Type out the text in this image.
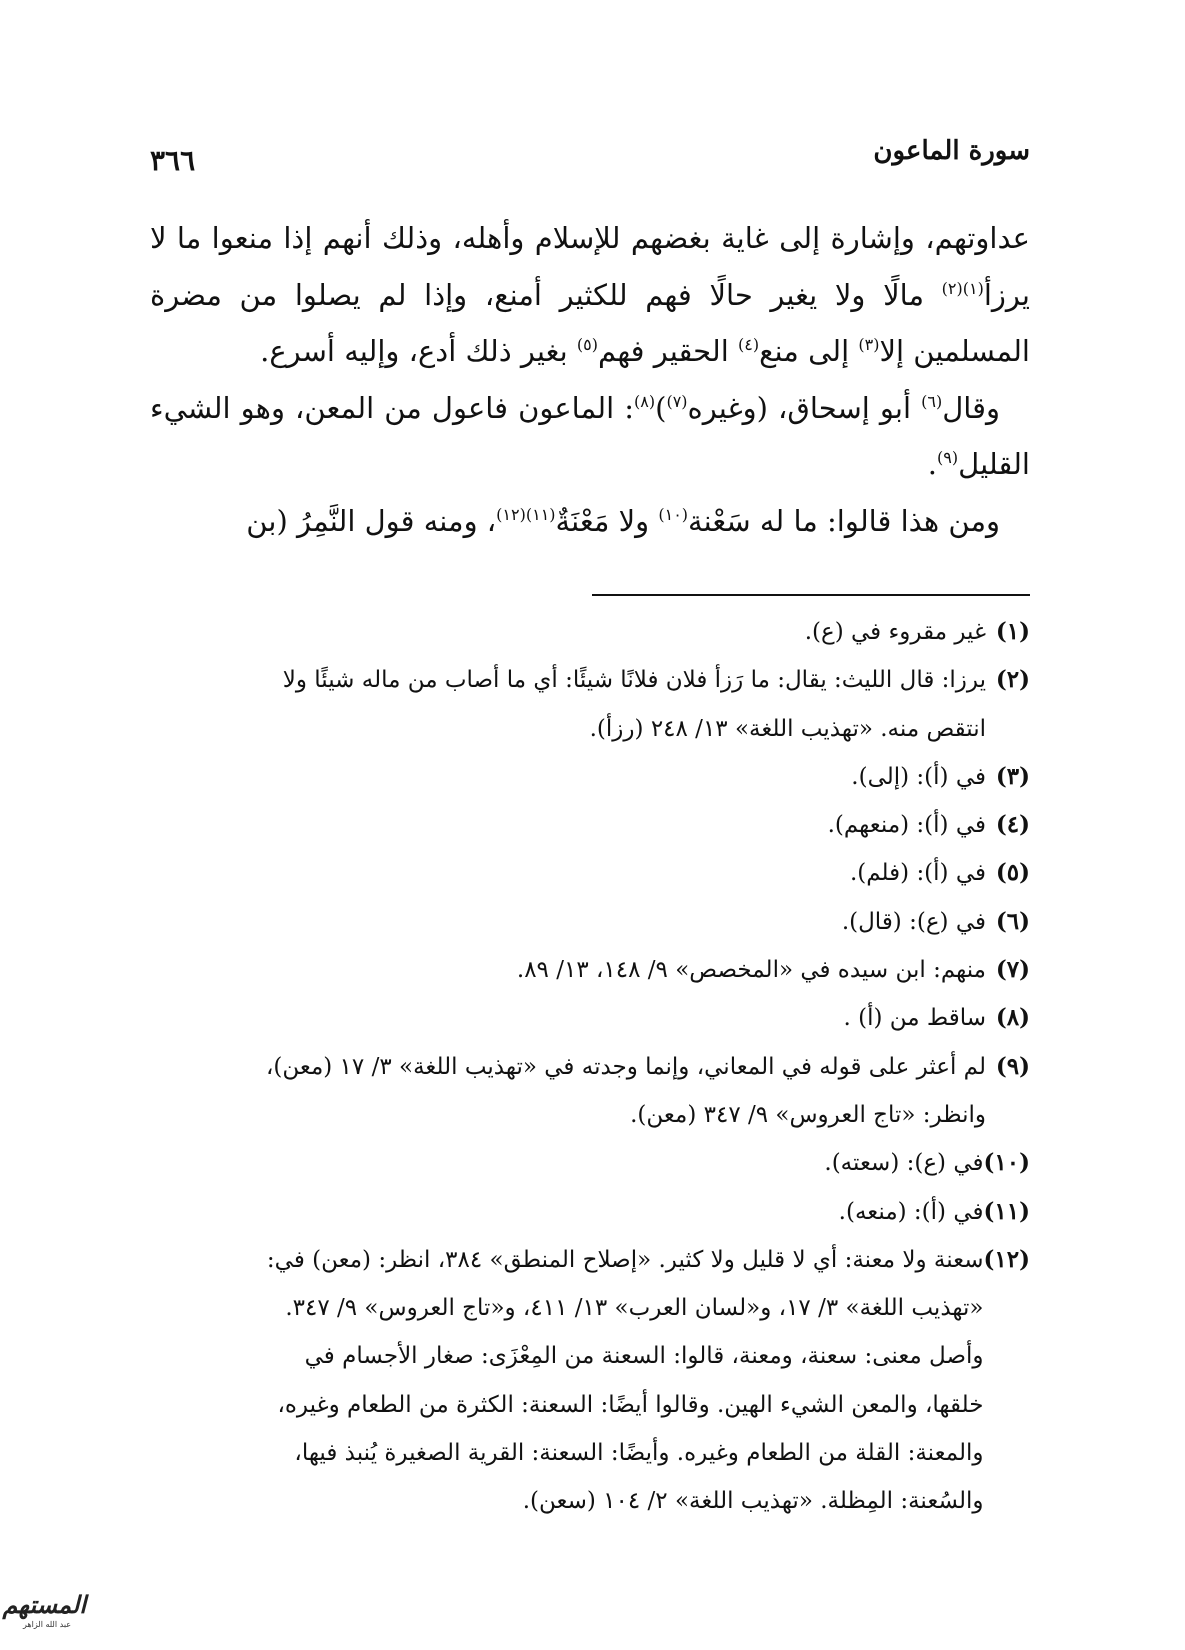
سورة الماعون
٣٦٦

عداوتهم، وإشارة إلى غاية بغضهم للإسلام وأهله، وذلك أنهم إذا منعوا ما لا يرزأ$^{(١)(٢)}$ مالًا ولا يغير حالًا فهم للكثير أمنع، وإذا لم يصلوا من مضرة المسلمين إلا$^{(٣)}$ إلى منع$^{(٤)}$ الحقير فهم$^{(٥)}$ بغير ذلك أدع، وإليه أسرع.

وقال$^{(٦)}$ أبو إسحاق، (وغيره$^{(٧)}$)$^{(٨)}$: الماعون فاعول من المعن، وهو الشيء القليل$^{(٩)}$.

ومن هذا قالوا: ما له سَعْنة$^{(١٠)}$ ولا مَعْنَةٌ$^{(١١)(١٢)}$، ومنه قول النَّمِرُ (بن

(١)
غير مقروء في (ع).
(٢)
يرزا: قال الليث: يقال: ما رَزأ فلان فلانًا شيئًا: أي ما أصاب من ماله شيئًا ولا
انتقص منه. «تهذيب اللغة» ١٣/ ٢٤٨ (رزأ).
(٣)
في (أ): (إلى).
(٤)
في (أ): (منعهم).
(٥)
في (أ): (فلم).
(٦)
في (ع): (قال).
(٧)
منهم: ابن سيده في «المخصص» ٩/ ١٤٨، ١٣/ ٨٩.
(٨)
ساقط من (أ) .
(٩)
لم أعثر على قوله في المعاني، وإنما وجدته في «تهذيب اللغة» ٣/ ١٧ (معن)،
وانظر: «تاج العروس» ٩/ ٣٤٧ (معن).
(١٠)
في (ع): (سعته).
(١١)
في (أ): (منعه).
(١٢)
سعنة ولا معنة: أي لا قليل ولا كثير. «إصلاح المنطق» ٣٨٤، انظر: (معن) في:
«تهذيب اللغة» ٣/ ١٧، و«لسان العرب» ١٣/ ٤١١، و«تاج العروس» ٩/ ٣٤٧.
وأصل معنى: سعنة، ومعنة، قالوا: السعنة من المِعْزَى: صغار الأجسام في
خلقها، والمعن الشيء الهين. وقالوا أيضًا: السعنة: الكثرة من الطعام وغيره،
والمعنة: القلة من الطعام وغيره. وأيضًا: السعنة: القرية الصغيرة يُنبذ فيها،
والسُعنة: المِظلة. «تهذيب اللغة» ٢/ ١٠٤ (سعن).
المستهم
عبد الله الزاهر
